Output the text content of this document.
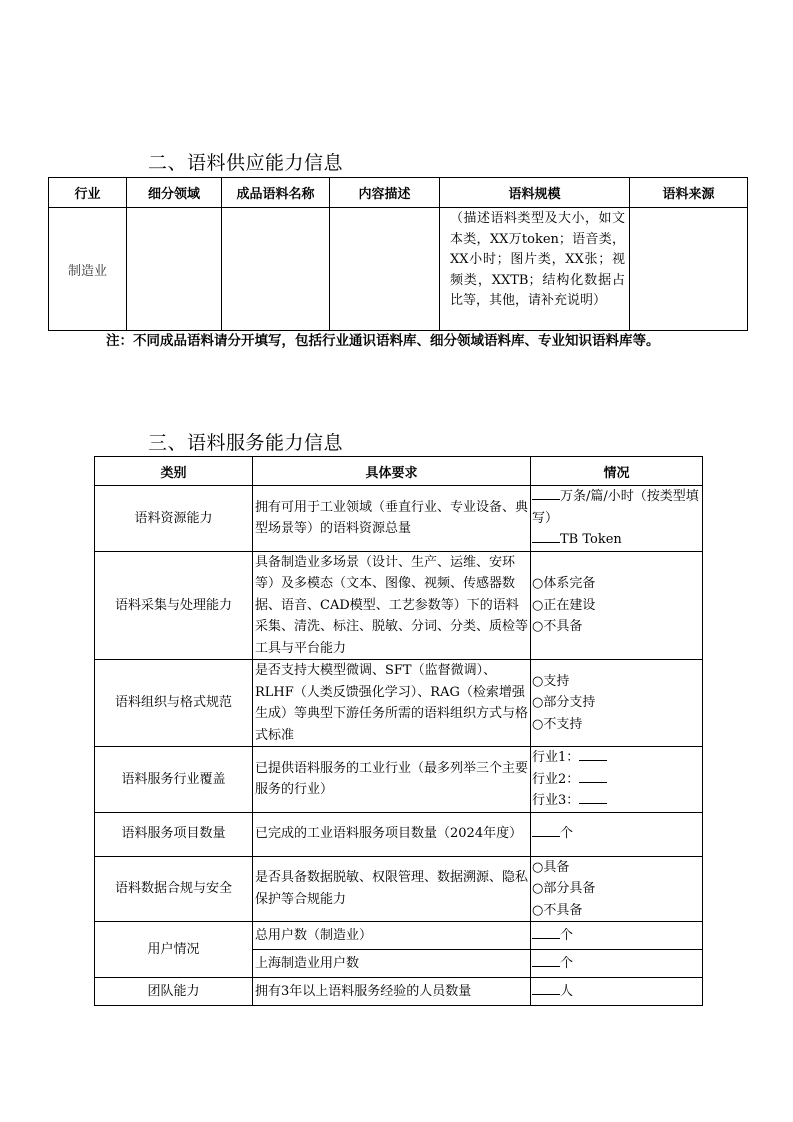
二、语料供应能力信息
行业	细分领域	成品语料名称	内容描述	语料规模	语料来源
制造业				（描述语料类型及大小，如文本类，XX万token；语音类，XX小时；图片类，XX张；视频类，XXTB；结构化数据占比等，其他，请补充说明）	
注：不同成品语料请分开填写，包括行业通识语料库、细分领域语料库、专业知识语料库等。
三、语料服务能力信息
类别	具体要求	情况
语料资源能力	拥有可用于工业领域（垂直行业、专业设备、典型场景等）的语料资源总量	万条/篇/小时（按类型填写）
TB Token
语料采集与处理能力	具备制造业多场景（设计、生产、运维、安环等）及多模态（文本、图像、视频、传感器数据、语音、CAD模型、工艺参数等）下的语料采集、清洗、标注、脱敏、分词、分类、质检等工具与平台能力	○体系完备
○正在建设
○不具备

语料组织与格式规范	是否支持大模型微调、SFT（监督微调）、RLHF（人类反馈强化学习）、RAG（检索增强生成）等典型下游任务所需的语料组织方式与格式标准	○支持
○部分支持
○不支持

语料服务行业覆盖	已提供语料服务的工业行业（最多列举三个主要服务的行业）	行业1：
行业2：
行业3：

语料服务项目数量	已完成的工业语料服务项目数量（2024年度）	个
语料数据合规与安全	是否具备数据脱敏、权限管理、数据溯源、隐私保护等合规能力	○具备
○部分具备
○不具备

用户情况	总用户数（制造业）	个
	上海制造业用户数	个
团队能力	拥有3年以上语料服务经验的人员数量	人
